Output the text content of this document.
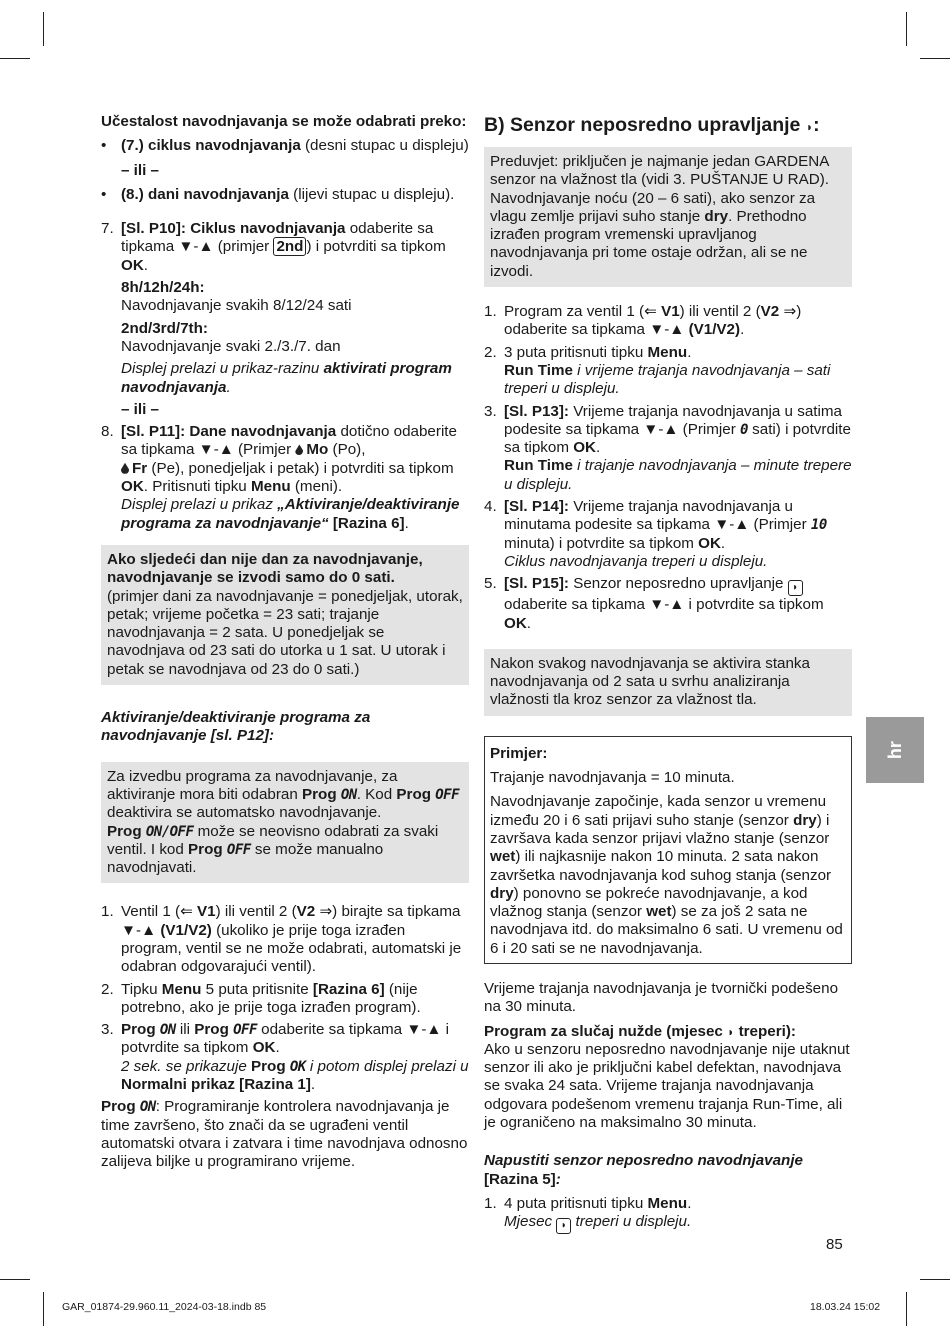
Učestalost navodnjavanja se može odabrati preko:

• (7.) ciklus navodnjavanja (desni stupac u displeju)

– ili –

• (8.) dani navodnjavanja (lijevi stupac u displeju).
7. [Sl. P10]: Ciklus navodnjavanja odaberite sa tipkama ▼-▲ (primjer 2nd ) i potvrditi sa tipkom OK.

8h/12h/24h:

Navodnjavanje svakih 8/12/24 sati

2nd/3rd/7th:

Navodnjavanje svaki 2./3./7. dan

Displej prelazi u prikaz-razinu aktivirati program navodnjavanja.

– ili –

8. [Sl. P11]: Dane navodnjavanja dotično odaberite sa tipkama ▼-▲ (Primjer Mo (Po),
Fr (Pe), ponedjeljak i petak) i potvrditi sa tipkom OK. Pritisnuti tipku Menu (meni).
Displej prelazi u prikaz „Aktiviranje/deaktiviranje programa za navodnjavanje“ [Razina 6].

Ako sljedeći dan nije dan za navodnjavanje, navodnjavanje se izvodi samo do 0 sati.

(primjer dani za navodnjavanje = ponedjeljak, utorak, petak; vrijeme početka = 23 sati; trajanje navodnjavanja = 2 sata. U ponedjeljak se navodnjava od 23 sati do utorka u 1 sat. U utorak i petak se navodnjava od 23 do 0 sati.)

Aktiviranje/deaktiviranje programa za navodnjavanje [sl. P12]:

Za izvedbu programa za navodnjavanje, za aktiviranje mora biti odabran Prog ON. Kod Prog OFF deaktivira se automatsko navodnjavanje.
Prog ON/OFF može se neovisno odabrati za svaki ventil. I kod Prog OFF se može manualno navodnjavati.
1. Ventil 1 (⇐ V1) ili ventil 2 (V2 ⇒) birajte sa tipkama ▼-▲ (V1/V2) (ukoliko je prije toga izrađen program, ventil se ne može odabrati, automatski je odabran odgovarajući ventil).
2. Tipku Menu 5 puta pritisnite [Razina 6] (nije potrebno, ako je prije toga izrađen program).
3. Prog ON ili Prog OFF odaberite sa tipkama ▼-▲ i potvrdite sa tipkom OK.
2 sek. se prikazuje Prog OK i potom displej prelazi u Normalni prikaz [Razina 1].

Prog ON: Programiranje kontrolera navodnjavanja je time završeno, što znači da se ugrađeni ventil automatski otvara i zatvara i time navodnjava odnosno zalijeva biljke u programirano vrijeme.

B) Senzor neposredno upravljanje ◗:
Preduvjet: priključen je najmanje jedan GARDENA senzor na vlažnost tla (vidi 3. PUŠTANJE U RAD). Navodnjavanje noću (20 – 6 sati), ako senzor za vlagu zemlje prijavi suho stanje dry. Prethodno izrađen program vremenski upravljanog navodnjavanja pri tome ostaje održan, ali se ne izvodi.
1. Program za ventil 1 (⇐ V1) ili ventil 2 (V2 ⇒) odaberite sa tipkama ▼-▲ (V1/V2).
2. 3 puta pritisnuti tipku Menu.
Run Time i vrijeme trajanja navodnjavanja – sati treperi u displeju.
3. [Sl. P13]: Vrijeme trajanja navodnjavanja u satima podesite sa tipkama ▼-▲ (Primjer 0 sati) i potvrdite sa tipkom OK.
Run Time i trajanje navodnjavanja – minute trepere u displeju.
4. [Sl. P14]: Vrijeme trajanja navodnjavanja u minutama podesite sa tipkama ▼-▲ (Primjer 10 minuta) i potvrdite sa tipkom OK.
Ciklus navodnjavanja treperi u displeju.
5. [Sl. P15]: Senzor neposredno upravljanje ◗ odaberite sa tipkama ▼-▲ i potvrdite sa tipkom OK.
Nakon svakog navodnjavanja se aktivira stanka navodnjavanja od 2 sata u svrhu analiziranja vlažnosti tla kroz senzor za vlažnost tla.

Primjer:

Trajanje navodnjavanja = 10 minuta.

Navodnjavanje započinje, kada senzor u vremenu između 20 i 6 sati prijavi suho stanje (senzor dry) i završava kada senzor prijavi vlažno stanje (senzor wet) ili najkasnije nakon 10 minuta. 2 sata nakon završetka navodnjavanja kod suhog stanja (senzor dry) ponovno se pokreće navodnjavanje, a kod vlažnog stanja (senzor wet) se za još 2 sata ne navodnjava itd. do maksimalno 6 sati. U vremenu od 6 i 20 sati se ne navodnjavanja.

Vrijeme trajanja navodnjavanja je tvornički podešeno na 30 minuta.

Program za slučaj nužde (mjesec ◗ treperi):

Ako u senzoru neposredno navodnjavanje nije utaknut senzor ili ako je priključni kabel defektan, navodnjava se svaka 24 sata. Vrijeme trajanja navodnjavanja odgovara podešenom vremenu trajanja Run-Time, ali je ograničeno na maksimalno 30 minuta.

Napustiti senzor neposredno navodnjavanje
[Razina 5]:

1. 4 puta pritisnuti tipku Menu.
Mjesec ◗ treperi u displeju.
hr
85
GAR_01874-29.960.11_2024-03-18.indb 85	18.03.24 15:02
